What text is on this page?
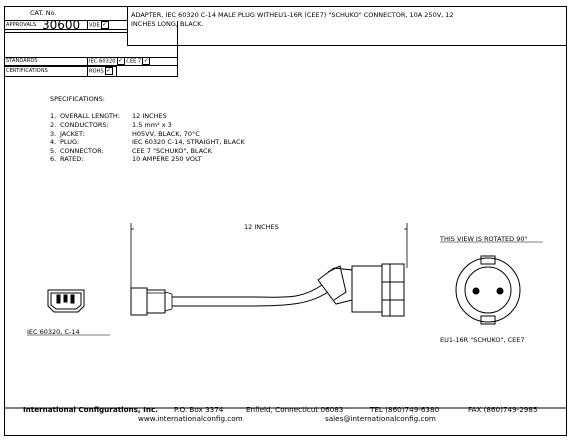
CAT. No.
30600
ADAPTER, IEC 60320 C-14 MALE PLUG WITHEU1-16R (CEE7) "SCHUKO" CONNECTOR, 10A 250V, 12
INCHES LONG, BLACK.
APPROVALS	VDE ✓
STANDARDS	IEC 60320 ✓ CEE 7 ✓
CERTIFICATIONS	ROHS ✓
SPECIFICATIONS:
1. OVERALL LENGTH: 12 INCHES
2. CONDUCTORS:	1.5 mm² x 3
3. JACKET:	H05VV, BLACK, 70°C
4. PLUG:	IEC 60320 C-14, STRAIGHT, BLACK
5. CONNECTOR:	CEE 7 "SCHUKO", BLACK
6. RATED:	10 AMPERE 250 VOLT
12 INCHES
THIS VIEW IS ROTATED 90°
IEC 60320, C-14
EU1-16R "SCHUKO", CEE7
International Configurations, Inc. P.O. Box 3374	Enfield, Connecticut 06083	TEL (860)749-6380	FAX (860)749-2985
www.internationalconfig.com	sales@internationalconfig.com
